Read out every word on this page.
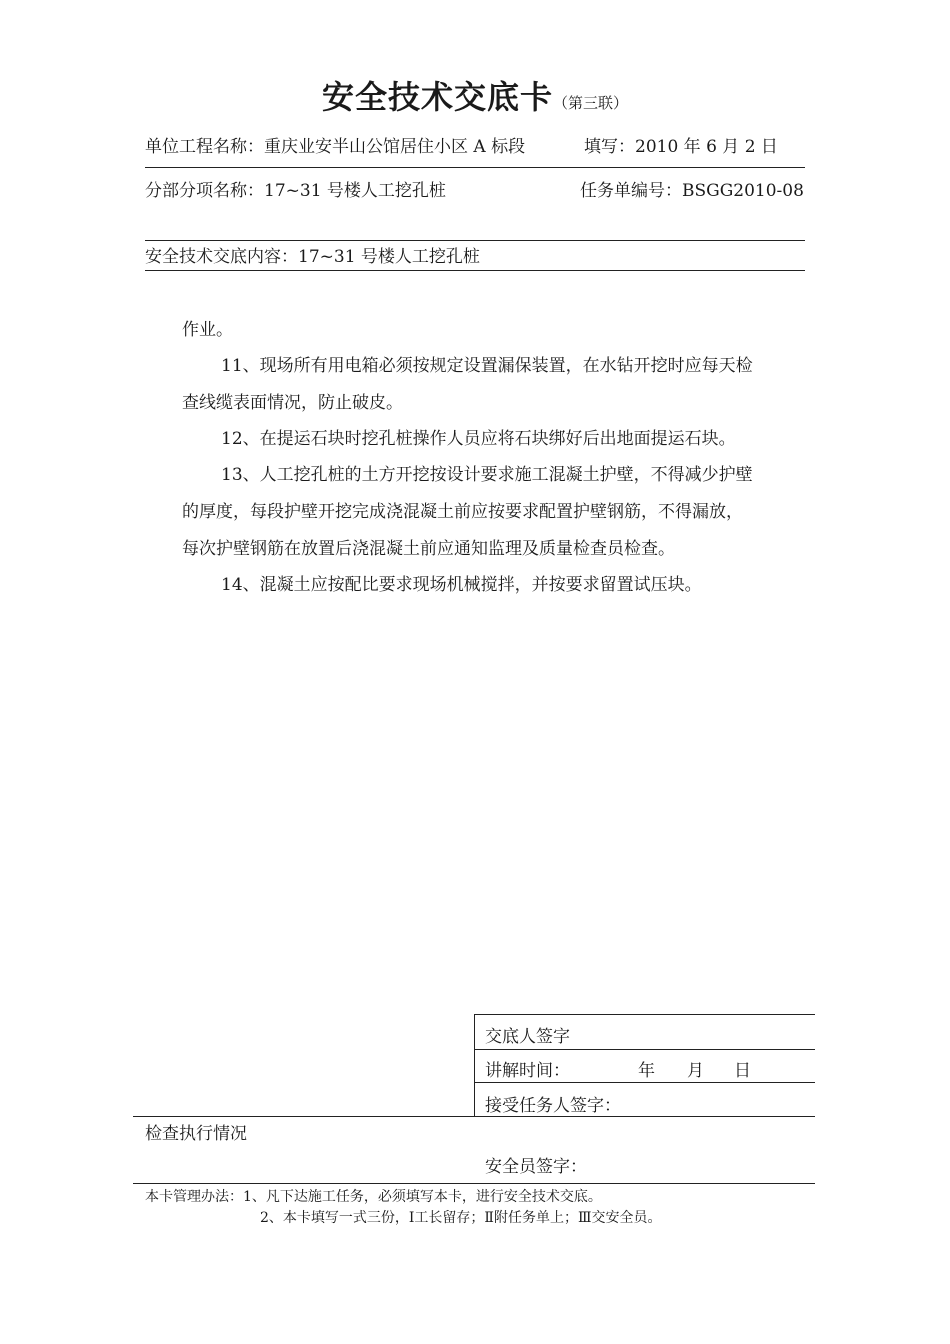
安全技术交底卡（第三联）
单位工程名称：重庆业安半山公馆居住小区 A 标段	填写：2010 年 6 月 2 日
分部分项名称：17~31 号楼人工挖孔桩	任务单编号：BSGG2010-08
安全技术交底内容：17~31 号楼人工挖孔桩
作业。
11、现场所有用电箱必须按规定设置漏保装置，在水钻开挖时应每天检
查线缆表面情况，防止破皮。
12、在提运石块时挖孔桩操作人员应将石块绑好后出地面提运石块。
13、人工挖孔桩的土方开挖按设计要求施工混凝土护壁，不得减少护壁
的厚度，每段护壁开挖完成浇混凝土前应按要求配置护壁钢筋，不得漏放，
每次护壁钢筋在放置后浇混凝土前应通知监理及质量检查员检查。
14、混凝土应按配比要求现场机械搅拌，并按要求留置试压块。
交底人签字
讲解时间：	年 月 日
接受任务人签字：
检查执行情况
安全员签字：
本卡管理办法：1、凡下达施工任务，必须填写本卡，进行安全技术交底。
2、本卡填写一式三份，Ⅰ工长留存；Ⅱ附任务单上；Ⅲ交安全员。
